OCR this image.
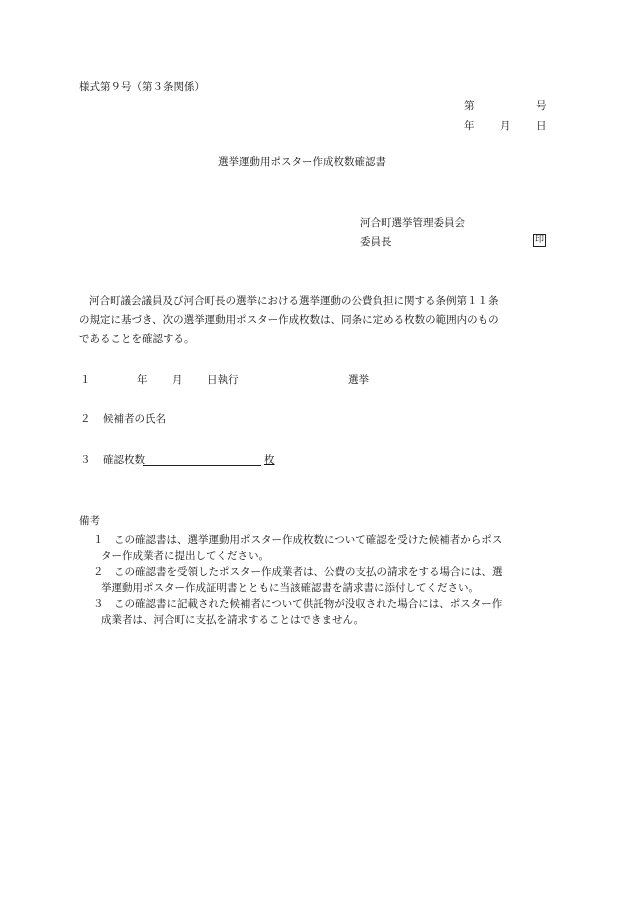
様式第９号（第３条関係）
第	号
年 月 日
選挙運動用ポスター作成枚数確認書
河合町選挙管理委員会
委員長	印
河合町議会議員及び河合町長の選挙における選挙運動の公費負担に関する条例第１１条
の規定に基づき、次の選挙運動用ポスター作成枚数は、同条に定める枚数の範囲内のもの
であることを確認する。
１	年 月 日執行	選挙
２ 候補者の氏名
３ 確認枚数	枚
備考
１　 この確認書は、選挙運動用ポスター作成枚数について確認を受けた候補者からポス
ター作成業者に提出してください。
２　 この確認書を受領したポスター作成業者は、公費の支払の請求をする場合には、選
挙運動用ポスター作成証明書とともに当該確認書を請求書に添付してください。
３　 この確認書に記載された候補者について供託物が没収された場合には、ポスター作
成業者は、河合町に支払を請求することはできません。
